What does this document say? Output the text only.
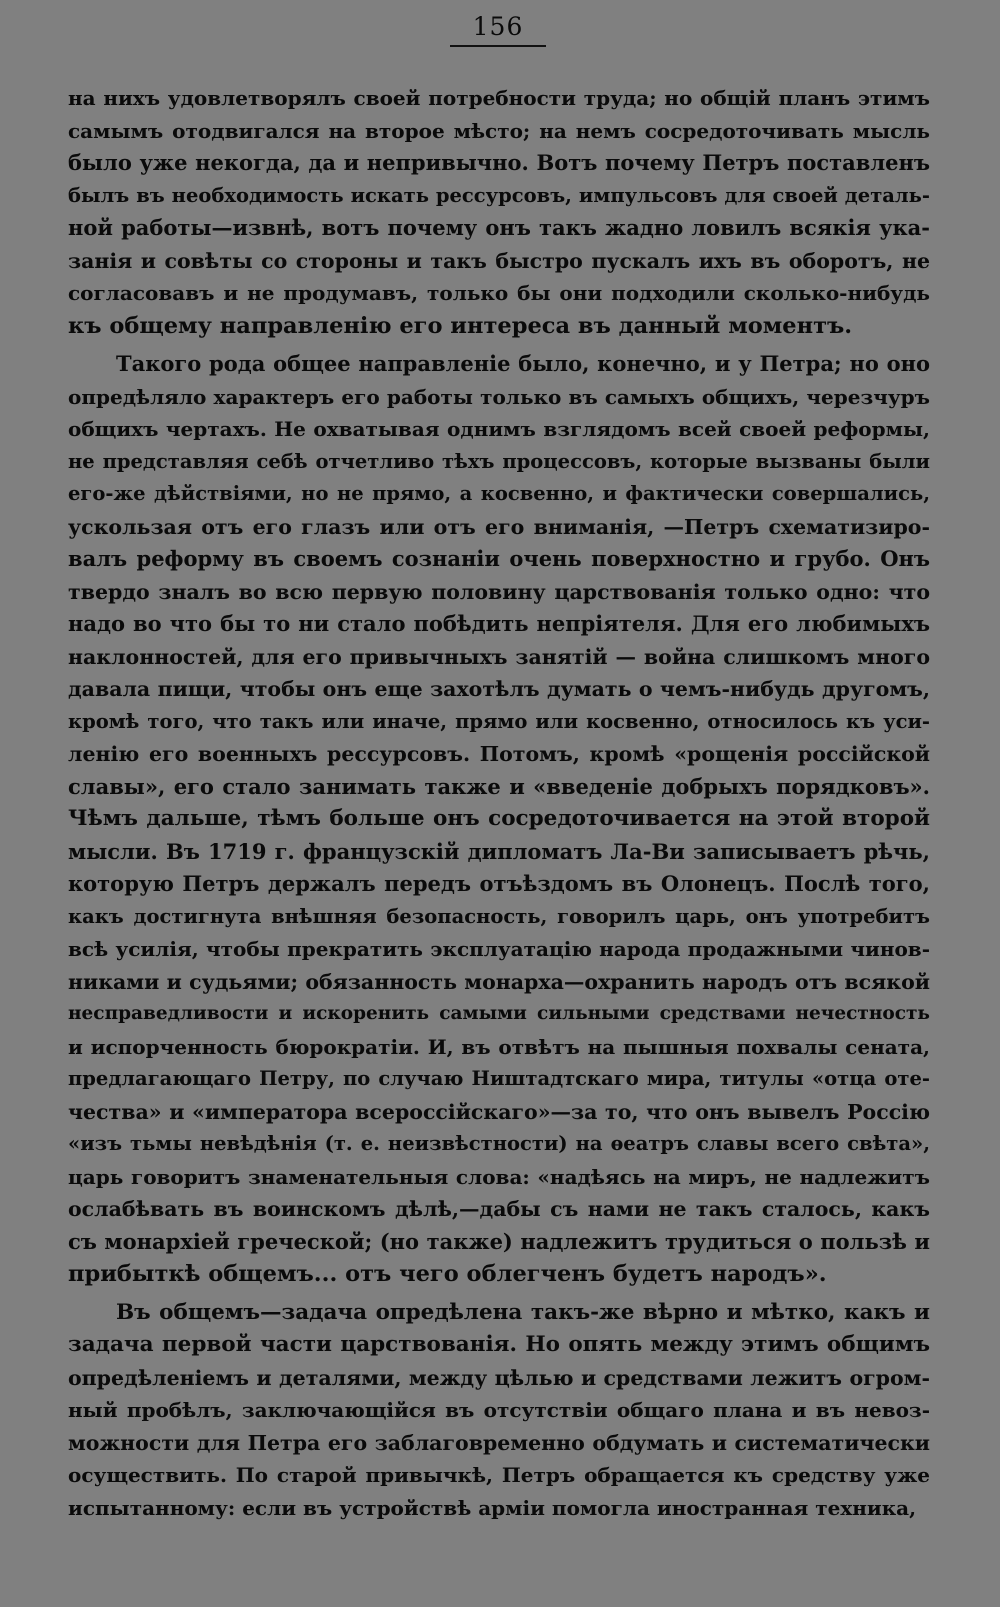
156
на нихъ удовлетворялъ своей потребности труда; но общій планъ этимъ
самымъ отодвигался на второе мѣсто; на немъ сосредоточивать мысль
было уже некогда, да и непривычно. Вотъ почему Петръ поставленъ
былъ въ необходимость искать рессурсовъ, импульсовъ для своей деталь-
ной работы—извнѣ, вотъ почему онъ такъ жадно ловилъ всякія ука-
занія и совѣты со стороны и такъ быстро пускалъ ихъ въ оборотъ, не
согласовавъ и не продумавъ, только бы они подходили сколько-нибудь
къ общему направленію его интереса въ данный моментъ.
Такого рода общее направленіе было, конечно, и у Петра; но оно
опредѣляло характеръ его работы только въ самыхъ общихъ, черезчуръ
общихъ чертахъ. Не охватывая однимъ взглядомъ всей своей реформы,
не представляя себѣ отчетливо тѣхъ процессовъ, которые вызваны были
его-же дѣйствіями, но не прямо, а косвенно, и фактически совершались,
ускользая отъ его глазъ или отъ его вниманія, —Петръ схематизиро-
валъ реформу въ своемъ сознаніи очень поверхностно и грубо. Онъ
твердо зналъ во всю первую половину царствованія только одно: что
надо во что бы то ни стало побѣдить непріятеля. Для его любимыхъ
наклонностей, для его привычныхъ занятій — война слишкомъ много
давала пищи, чтобы онъ еще захотѣлъ думать о чемъ-нибудь другомъ,
кромѣ того, что такъ или иначе, прямо или косвенно, относилось къ уси-
ленію его военныхъ рессурсовъ. Потомъ, кромѣ «рощенія россійской
славы», его стало занимать также и «введеніе добрыхъ порядковъ».
Чѣмъ дальше, тѣмъ больше онъ сосредоточивается на этой второй
мысли. Въ 1719 г. французскій дипломатъ Ла-Ви записываетъ рѣчь,
которую Петръ держалъ передъ отъѣздомъ въ Олонецъ. Послѣ того,
какъ достигнута внѣшняя безопасность, говорилъ царь, онъ употребитъ
всѣ усилія, чтобы прекратить эксплуатацію народа продажными чинов-
никами и судьями; обязанность монарха—охранить народъ отъ всякой
несправедливости и искоренить самыми сильными средствами нечестность
и испорченность бюрократіи. И, въ отвѣтъ на пышныя похвалы сената,
предлагающаго Петру, по случаю Ништадтскаго мира, титулы «отца оте-
чества» и «императора всероссійскаго»—за то, что онъ вывелъ Россію
«изъ тьмы невѣдѣнія (т. е. неизвѣстности) на ѳеатръ славы всего свѣта»,
царь говоритъ знаменательныя слова: «надѣясь на миръ, не надлежитъ
ослабѣвать въ воинскомъ дѣлѣ,—дабы съ нами не такъ сталось, какъ
съ монархіей греческой; (но также) надлежитъ трудиться о пользѣ и
прибыткѣ общемъ... отъ чего облегченъ будетъ народъ».
Въ общемъ—задача опредѣлена такъ-же вѣрно и мѣтко, какъ и
задача первой части царствованія. Но опять между этимъ общимъ
опредѣленіемъ и деталями, между цѣлью и средствами лежитъ огром-
ный пробѣлъ, заключающійся въ отсутствіи общаго плана и въ невоз-
можности для Петра его заблаговременно обдумать и систематически
осуществить. По старой привычкѣ, Петръ обращается къ средству уже
испытанному: если въ устройствѣ арміи помогла иностранная техника,
